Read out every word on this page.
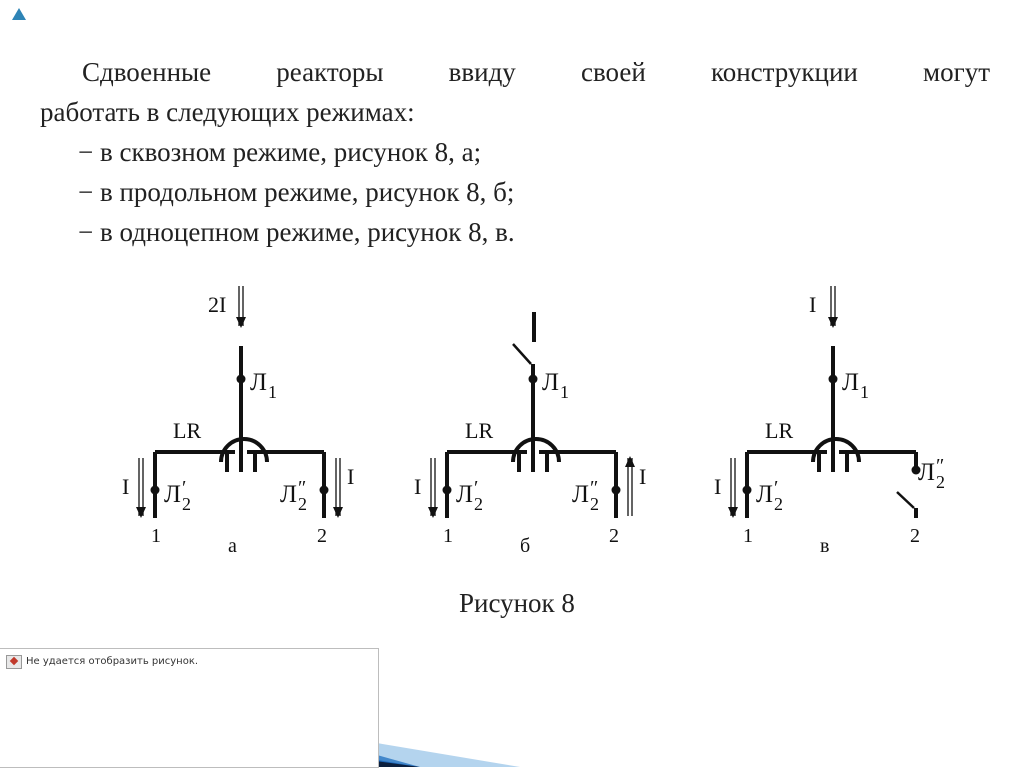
Сдвоенные реакторы ввиду своей конструкции могут
работать в следующих режимах:
− в сквозном режиме, рисунок 8, а;
− в продольном режиме, рисунок 8, б;
− в одноцепном режиме, рисунок 8, в.
LR
2I
Л 1
I Л ′
2
1
Л ″
2
I
2
а
LR
Л 1
I Л ′
2
1
Л ″
2
I
2
б
LR
I
Л 1
I Л ′
2
1
Л ″
2
2
в
Рисунок 8
Не удается отобразить рисунок.
